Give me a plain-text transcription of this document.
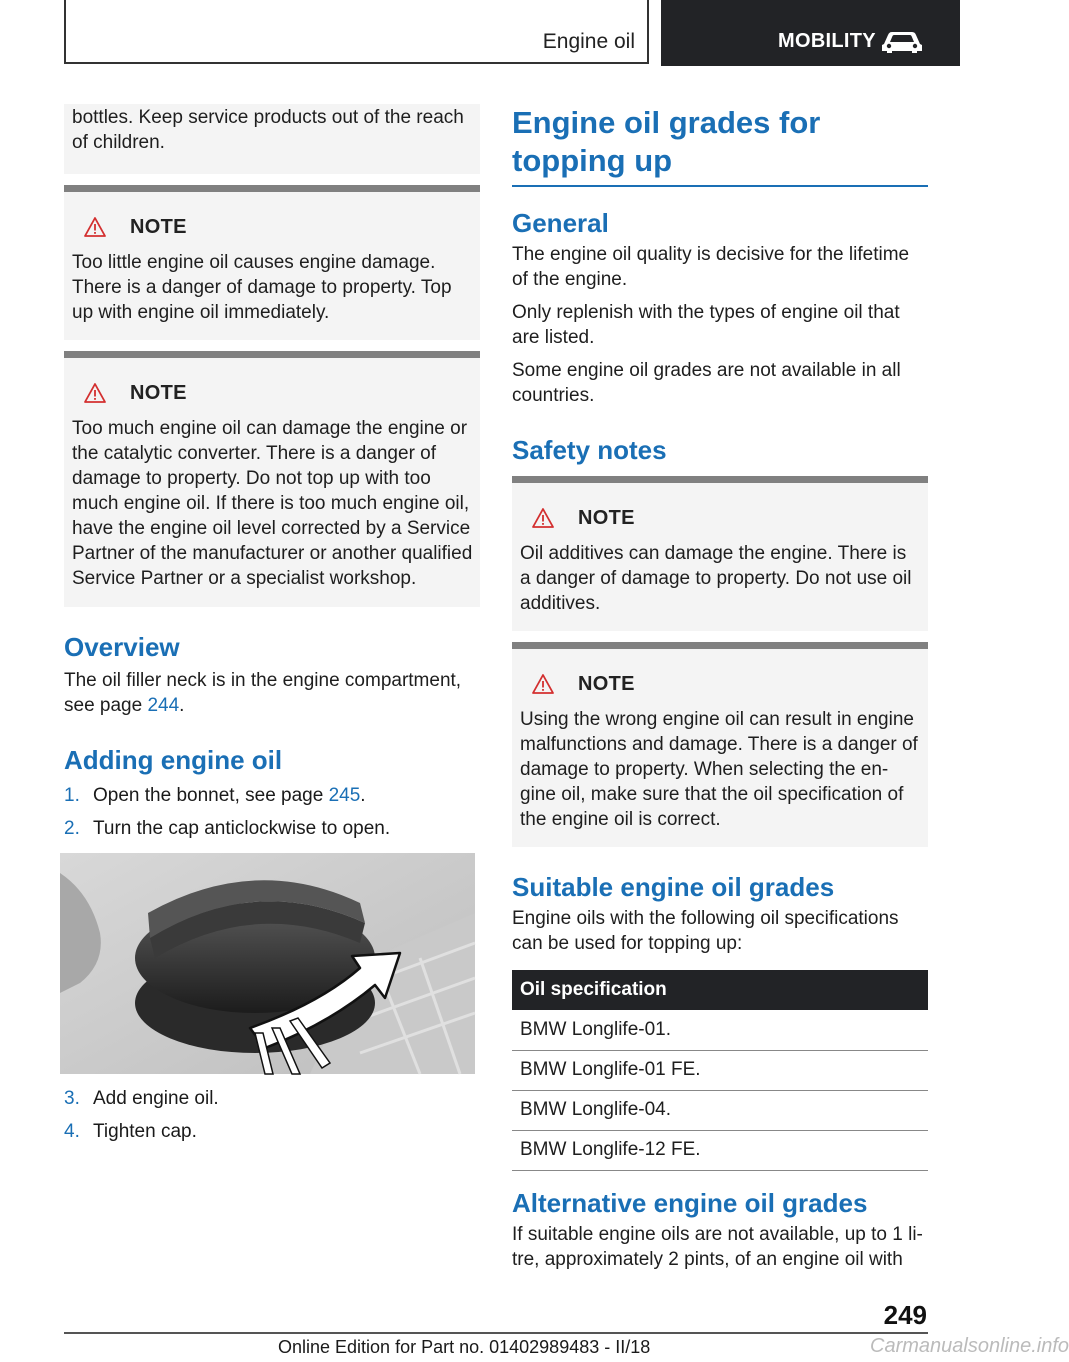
Engine oil	MOBILITY

bottles. Keep service products out of the reach of children.

NOTE

Too little engine oil causes engine damage. There is a danger of damage to property. Top up with engine oil immediately.

NOTE

Too much engine oil can damage the engine or the catalytic converter. There is a danger of damage to property. Do not top up with too much engine oil. If there is too much engine oil, have the engine oil level corrected by a Service Partner of the manufacturer or another qualified Service Partner or a specialist workshop.

Overview

The oil filler neck is in the engine compartment, see page 244.

Adding engine oil
1. Open the bonnet, see page 245.
2. Turn the cap anticlockwise to open.
3. Add engine oil.
4. Tighten cap.
Engine oil grades for
topping up
General

The engine oil quality is decisive for the lifetime of the engine.

Only replenish with the types of engine oil that are listed.

Some engine oil grades are not available in all countries.

Safety notes
NOTE

Oil additives can damage the engine. There is a danger of damage to property. Do not use oil additives.

NOTE

Using the wrong engine oil can result in engine malfunctions and damage. There is a danger of damage to property. When selecting the en‐ gine oil, make sure that the oil specification of the engine oil is correct.

Suitable engine oil grades

Engine oils with the following oil specifications can be used for topping up:

Oil specification
BMW Longlife-01.
BMW Longlife-01 FE.
BMW Longlife-04.
BMW Longlife-12 FE.
Alternative engine oil grades

If suitable engine oils are not available, up to 1 li‐ tre, approximately 2 pints, of an engine oil with

249
Online Edition for Part no. 01402989483 - II/18	Carmanualsonline.info
